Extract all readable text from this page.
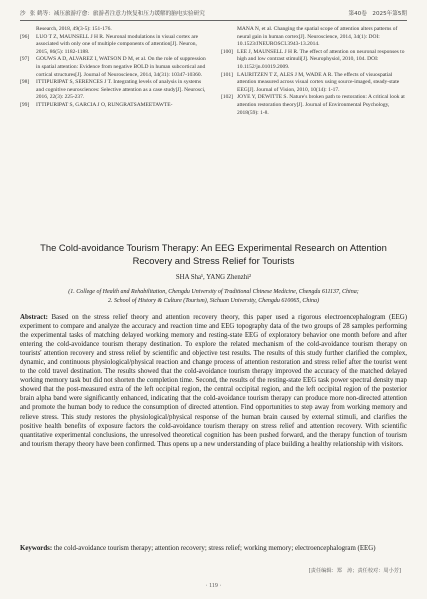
沙 张 鹤等：减压旅游疗愈：旅游者注意力恢复和压力缓解的脑电实验研究	第40卷　2025年第5期
Research, 2018, 49(3-5): 151-176.
[96]	LUO T Z, MAUNSELL J H R. Neuronal modulations in visual cortex are associated with only one of multiple components of attention[J]. Neuron, 2015, 86(5): 1182-1188.
[97]	GOUWS A D, ALVAREZ I, WATSON D M, et al. On the role of suppression in spatial attention: Evidence from negative BOLD in human subcortical and cortical structures[J]. Journal of Neuroscience, 2014, 34(31): 10347-10360.
[98]	ITTIPURIPAT S, SERENCES J T. Integrating levels of analysis in systems and cognitive neurosciences: Selective attention as a case study[J]. Neurosci, 2016, 22(3): 225-237.
[99]	ITTIPURIPAT S, GARCIA J O, RUNGRATSAMEETAWTE-
MANA N, et al. Changing the spatial scope of attention alters patterns of neural gain in human cortex[J]. Neuroscience, 2014, 34(1): DOI: 10.1523/JNEUROSCI.3943-13.2014.
[100] LEE J, MAUNSELL J H R. The effect of attention on neuronal responses to high and low contrast stimuli[J]. Neurophysiol, 2010, 104. DOI: 10.1152/jn.01019.2009.
[101] LAURITZEN T Z, ALES J M, WADE A R. The effects of visuospatial attention measured across visual cortex using source-imaged, steady-state EEG[J]. Journal of Vision, 2010, 10(14): 1-17.
[102] JOYE Y, DEWITTE S. Nature's broken path to restoration: A critical look at attention restoration theory[J]. Journal of Environmental Psychology, 2018(59): 1-8.
The Cold-avoidance Tourism Therapy: An EEG Experimental Research on Attention
Recovery and Stress Relief for Tourists
SHA Sha¹, YANG Zhenzhi²
(1. College of Health and Rehabilitation, Chengdu University of Traditional Chinese Medicine, Chengdu 611137, China;
2. School of History & Culture (Tourism), Sichuan University, Chengdu 610065, China)
Abstract: Based on the stress relief theory and attention recovery theory, this paper used a rigorous electroencephalogram (EEG) experiment to compare and analyze the accuracy and reaction time and EEG topography data of the two groups of 28 samples performing the experimental tasks of matching delayed working memory and resting-state EEG of exploratory behavior one month before and after entering the cold-avoidance tourism therapy destination. To explore the related mechanism of the cold-avoidance tourism therapy on tourists' attention recovery and stress relief by scientific and objective test results. The results of this study further clarified the complex, dynamic, and continuous physiological/physical reaction and change process of attention restoration and stress relief after the tourist went to the cold travel destination. The results showed that the cold-avoidance tourism therapy improved the accuracy of the matched delayed working memory task but did not shorten the completion time. Second, the results of the resting-state EEG task power spectral density map showed that the post-measured extra of the left occipital region, the central occipital region, and the left occipital region of the posterior brain alpha band were significantly enhanced, indicating that the cold-avoidance tourism therapy can produce more non-directed attention and promote the human body to reduce the consumption of directed attention. Find opportunities to step away from working memory and relieve stress. This study restores the physiological/physical response of the human brain caused by external stimuli, and clarifies the positive health benefits of exposure factors the cold-avoidance tourism therapy on stress relief and attention recovery. With scientific quantitative experimental conclusions, the unresolved theoretical cognition has been pushed forward, and the therapy function of tourism and tourism therapy theory have been confirmed. Thus opens up a new understanding of place building a healthy relationship with visitors.
Keywords: the cold-avoidance tourism therapy; attention recovery; stress relief; working memory; electroencephalogram (EEG)
[责任编辑：郑　涛；责任校对：周小芳]
· 119 ·
